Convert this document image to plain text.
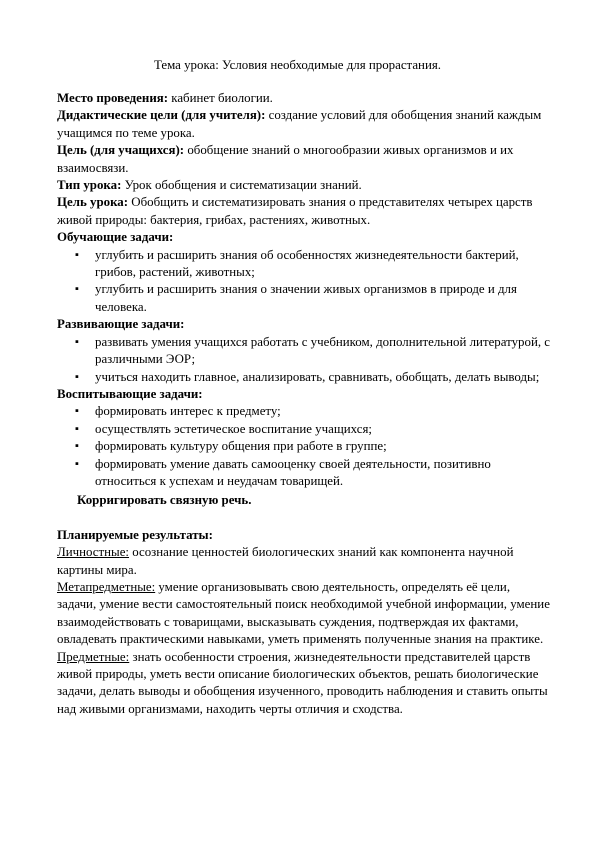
Тема урока: Условия необходимые для прорастания.

Место проведения: кабинет биологии.

Дидактические цели (для учителя): создание условий для обобщения знаний каждым учащимся по теме урока.

Цель (для учащихся): обобщение знаний о многообразии живых организмов и их взаимосвязи.

Тип урока: Урок обобщения и систематизации знаний.

Цель урока: Обобщить и систематизировать знания о представителях четырех царств живой природы: бактерия, грибах, растениях, животных.

Обучающие задачи:

▪ углубить и расширить знания об особенностях жизнедеятельности бактерий, грибов, растений, животных;
▪ углубить и расширить знания о значении живых организмов в природе и для человека.

Развивающие задачи:

▪ развивать умения учащихся работать с учебником, дополнительной литературой, с различными ЭОР;
▪ учиться находить главное, анализировать, сравнивать, обобщать, делать выводы;

Воспитывающие задачи:

▪ формировать интерес к предмету;
▪ осуществлять эстетическое воспитание учащихся;
▪ формировать культуру общения при работе в группе;
▪ формировать умение давать самооценку своей деятельности, позитивно относиться к успехам и неудачам товарищей.

Корригировать связную речь.

Планируемые результаты:

Личностные: осознание ценностей биологических знаний как компонента научной картины мира.

Метапредметные: умение организовывать свою деятельность, определять её цели, задачи, умение вести самостоятельный поиск необходимой учебной информации, умение взаимодействовать с товарищами, высказывать суждения, подтверждая их фактами, овладевать практическими навыками, уметь применять полученные знания на практике.

Предметные: знать особенности строения, жизнедеятельности представителей царств живой природы, уметь вести описание биологических объектов, решать биологические задачи, делать выводы и обобщения изученного, проводить наблюдения и ставить опыты над живыми организмами, находить черты отличия и сходства.
